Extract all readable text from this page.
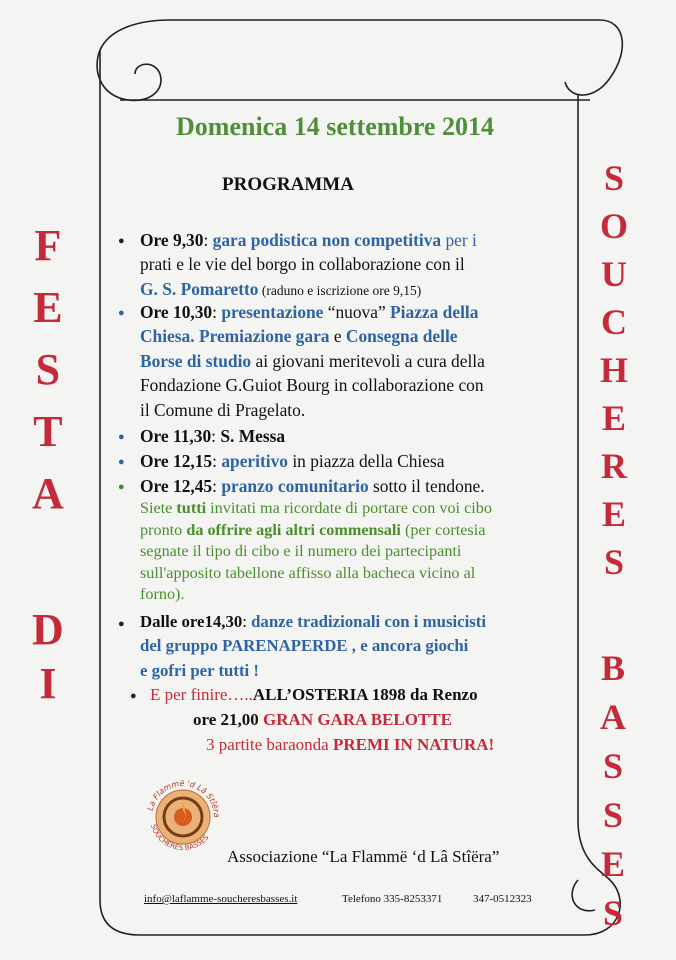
F
E
S
T
A
D
I
S
O
U
C
H
E
R
E
S
B
A
S
S
E
S
Domenica 14 settembre 2014
PROGRAMMA
● Ore 9,30: gara podistica non competitiva per i
prati e le vie del borgo in collaborazione con il
G. S. Pomaretto (raduno e iscrizione ore 9,15)
● Ore 10,30: presentazione “nuova” Piazza della
Chiesa. Premiazione gara e Consegna delle
Borse di studio ai giovani meritevoli a cura della
Fondazione G.Guiot Bourg in collaborazione con
il Comune di Pragelato.
● Ore 11,30: S. Messa
● Ore 12,15: aperitivo in piazza della Chiesa
● Ore 12,45: pranzo comunitario sotto il tendone.

Siete tutti invitati ma ricordate di portare con voi cibo
pronto da offrire agli altri commensali (per cortesia
segnate il tipo di cibo e il numero dei partecipanti
sull'apposito tabellone affisso alla bacheca vicino al
forno).
● Dalle ore14,30: danze tradizionali con i musicisti
del gruppo PARENAPERDE , e ancora giochi
e gofri per tutti !
● E per finire…..ALL’OSTERIA 1898 da Renzo
ore 21,00 GRAN GARA BELOTTE
3 partite baraonda PREMI IN NATURA!
La Flammë 'd Lâ Stîëra
SOUCHERES BASSES
Associazione “La Flammë ‘d Lâ Stîëra”
info@laflamme-soucheresbasses.it	Telefono 335-8253371	347-0512323
